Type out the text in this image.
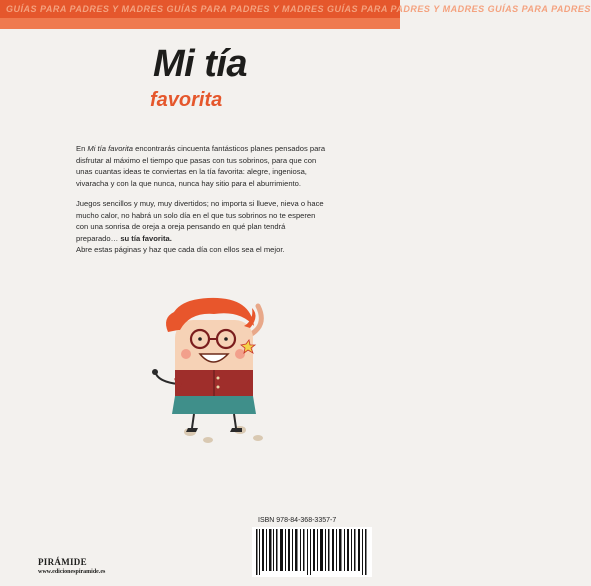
GUÍAS PARA PADRES Y MADRES GUÍAS PARA PADRES Y MADRES GUÍAS PARA PADRES Y MADRES GUÍAS PARA PADRES
Mi tía
favorita
En Mi tía favorita encontrarás cincuenta fantásticos planes pensados para disfrutar al máximo el tiempo que pasas con tus sobrinos, para que con unas cuantas ideas te conviertas en la tía favorita: alegre, ingeniosa, vivaracha y con la que nunca, nunca hay sitio para el aburrimiento.
Juegos sencillos y muy, muy divertidos; no importa si llueve, nieva o hace mucho calor, no habrá un solo día en el que tus sobrinos no te esperen con una sonrisa de oreja a oreja pensando en qué plan tendrá preparado… su tía favorita.
Abre estas páginas y haz que cada día con ellos sea el mejor.
ISBN 978-84-368-3357-7
PIRÁMIDE
www.edicionespiramide.es
